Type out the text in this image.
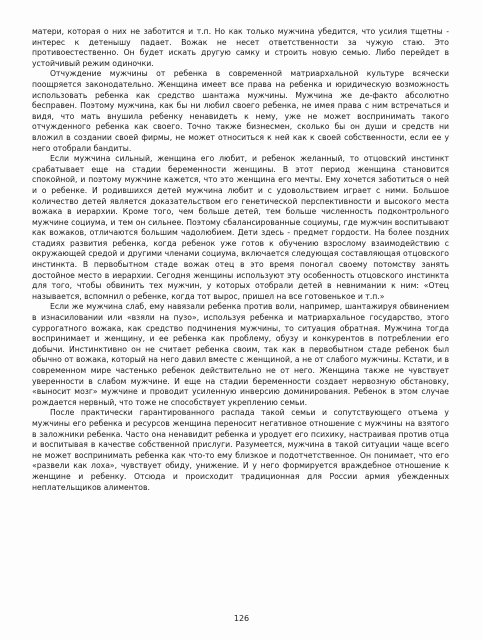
матери, которая о них не заботится и т.п. Но как только мужчина убедится, что усилия тщетны - интерес к детенышу падает. Вожак не несет ответственности за чужую стаю. Это противоестественно. Он будет искать другую самку и строить новую семью. Либо перейдет в устойчивый режим одиночки.

Отчуждение мужчины от ребенка в современной матриархальной культуре всячески поощряется законодательно. Женщина имеет все права на ребенка и юридическую возможность использовать ребенка как средство шантажа мужчины. Мужчина же де-факто абсолютно бесправен. Поэтому мужчина, как бы ни любил своего ребенка, не имея права с ним встречаться и видя, что мать внушила ребенку ненавидеть к нему, уже не может воспринимать такого отчужденного ребенка как своего. Точно также бизнесмен, сколько бы он души и средств ни вложил в создании своей фирмы, не может относиться к ней как к своей собственности, если ее у него отобрали бандиты.

Если мужчина сильный, женщина его любит, и ребенок желанный, то отцовский инстинкт срабатывает еще на стадии беременности женщины. В этот период женщина становится спокойной, и поэтому мужчине кажется, что это женщина его мечты. Ему хочется заботиться о ней и о ребенке. И родившихся детей мужчина любит и с удовольствием играет с ними. Большое количество детей является доказательством его генетической перспективности и высокого места вожака в иерархии. Кроме того, чем больше детей, тем больше численность подконтрольного мужчине социума, и тем он сильнее. Поэтому сбалансированные социумы, где мужчин воспитывают как вожаков, отличаются большим чадолюбием. Дети здесь - предмет гордости. На более поздних стадиях развития ребенка, когда ребенок уже готов к обучению взрослому взаимодействию с окружающей средой и другими членами социума, включается следующая составляющая отцовского инстинкта. В первобытном стаде вожак отец в это время поногал своему потомству занять достойное место в иерархии. Сегодня женщины используют эту особенность отцовского инстинкта для того, чтобы обвинить тех мужчин, у которых отобрали детей в невнимании к ним: «Отец называется, вспомнил о ребенке, когда тот вырос, пришел на все готовенькое и т.п.»

Если же мужчина слаб, ему навязали ребенка против воли, например, шантажируя обвинением в изнасиловании или «взяли на пузо», используя ребенка и матриархальное государство, этого суррогатного вожака, как средство подчинения мужчины, то ситуация обратная. Мужчина тогда воспринимает и женщину, и ее ребенка как проблему, обузу и конкурентов в потреблении его добычи. Инстинктивно он не считает ребенка своим, так как в первобытном стаде ребенок был обычно от вожака, который на него давил вместе с женщиной, а не от слабого мужчины. Кстати, и в современном мире частенько ребенок действительно не от него. Женщина также не чувствует уверенности в слабом мужчине. И еще на стадии беременности создает нервозную обстановку, «выносит мозг» мужчине и проводит усиленную инверсию доминирования. Ребенок в этом случае рождается нервный, что тоже не способствует укреплению семьи.

После практически гарантированного распада такой семьи и сопутствующего отъема у мужчины его ребенка и ресурсов женщина переносит негативное отношение с мужчины на взятого в заложники ребенка. Часто она ненавидит ребенка и уродует его психику, настраивая против отца и воспитывая в качестве собственной прислуги. Разумеется, мужчина в такой ситуации чаще всего не может воспринимать ребенка как что-то ему близкое и подотчетственное. Он понимает, что его «развели как лоха», чувствует обиду, унижение. И у него формируется враждебное отношение к женщине и ребенку. Отсюда и происходит традиционная для России армия убежденных неплательщиков алиментов.

126
